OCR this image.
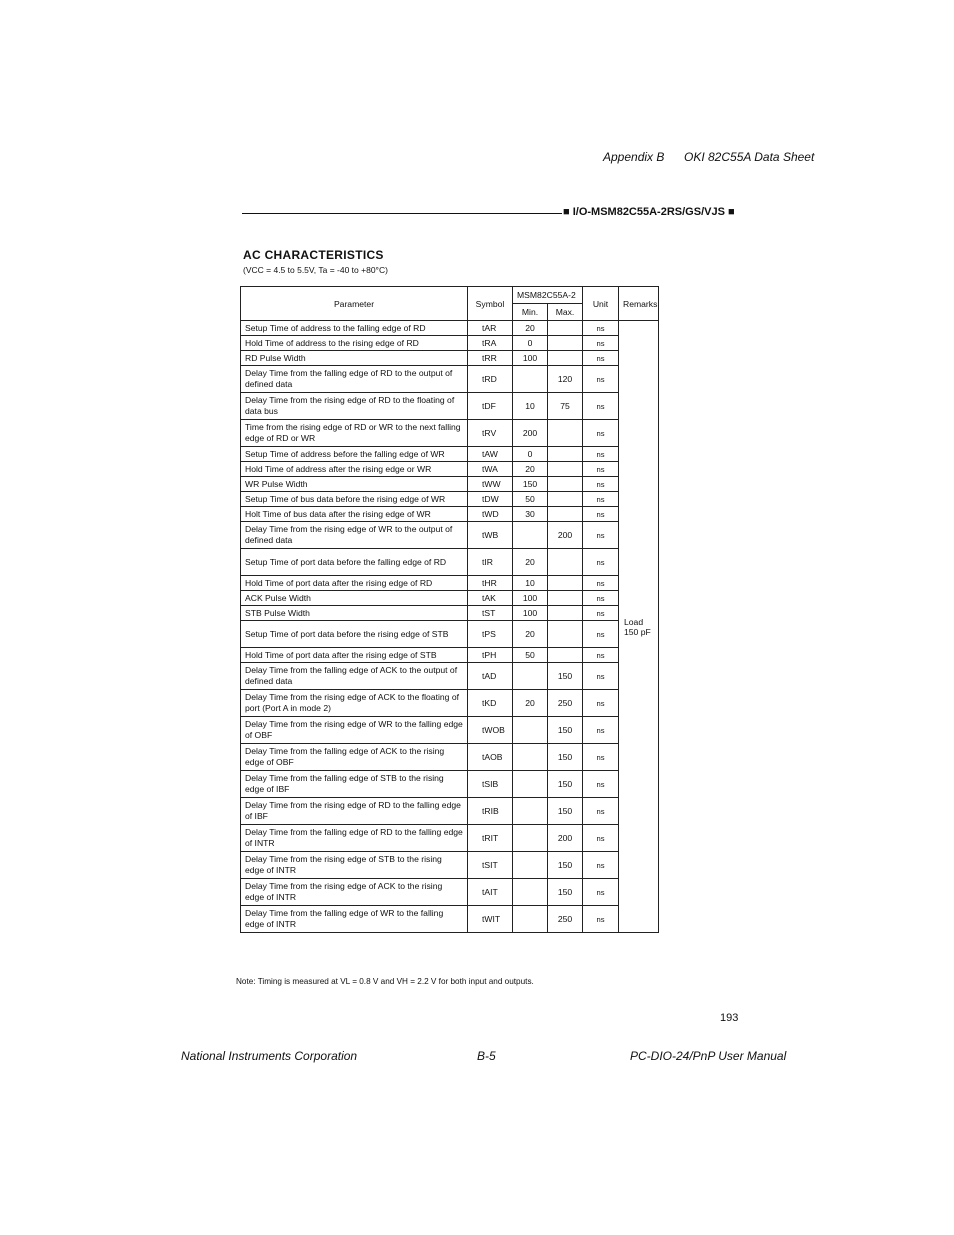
Appendix B OKI 82C55A Data Sheet
■ I/O-MSM82C55A-2RS/GS/VJS ■
AC CHARACTERISTICS
(VCC = 4.5 to 5.5V, Ta = -40 to +80°C)
Parameter	Symbol	MSM82C55A-2		Unit	Remarks
		Min.	Max.		
Setup Time of address to the falling edge of RD	tAR	20		ns	Load 150 pF
Hold Time of address to the rising edge of RD	tRA	0		ns	
RD Pulse Width	tRR	100		ns	
Delay Time from the falling edge of RD to the output of defined data	tRD		120	ns	
Delay Time from the rising edge of RD to the floating of data bus	tDF	10	75	ns	
Time from the rising edge of RD or WR to the next falling edge of RD or WR	tRV	200		ns	
Setup Time of address before the falling edge of WR	tAW	0		ns	
Hold Time of address after the rising edge or WR	tWA	20		ns	
WR Pulse Width	tWW	150		ns	
Setup Time of bus data before the rising edge of WR	tDW	50		ns	
Holt Time of bus data after the rising edge of WR	tWD	30		ns	
Delay Time from the rising edge of WR to the output of defined data	tWB		200	ns	
Setup Time of port data before the falling edge of RD	tIR	20		ns	
Hold Time of port data after the rising edge of RD	tHR	10		ns	
ACK Pulse Width	tAK	100		ns	
STB Pulse Width	tST	100		ns	
Setup Time of port data before the rising edge of STB	tPS	20		ns	
Hold Time of port data after the rising edge of STB	tPH	50		ns	
Delay Time from the falling edge of ACK to the output of defined data	tAD		150	ns	
Delay Time from the rising edge of ACK to the floating of port (Port A in mode 2)	tKD	20	250	ns	
Delay Time from the rising edge of WR to the falling edge of OBF	tWOB		150	ns	
Delay Time from the falling edge of ACK to the rising edge of OBF	tAOB		150	ns	
Delay Time from the falling edge of STB to the rising edge of IBF	tSIB		150	ns	
Delay Time from the rising edge of RD to the falling edge of IBF	tRIB		150	ns	
Delay Time from the falling edge of RD to the falling edge of INTR	tRIT		200	ns	
Delay Time from the rising edge of STB to the rising edge of INTR	tSIT		150	ns	
Delay Time from the rising edge of ACK to the rising edge of INTR	tAIT		150	ns	
Delay Time from the falling edge of WR to the falling edge of INTR	tWIT		250	ns	
Note: Timing is measured at VL = 0.8 V and VH = 2.2 V for both input and outputs.
193
National Instruments Corporation	B-5	PC-DIO-24/PnP User Manual
